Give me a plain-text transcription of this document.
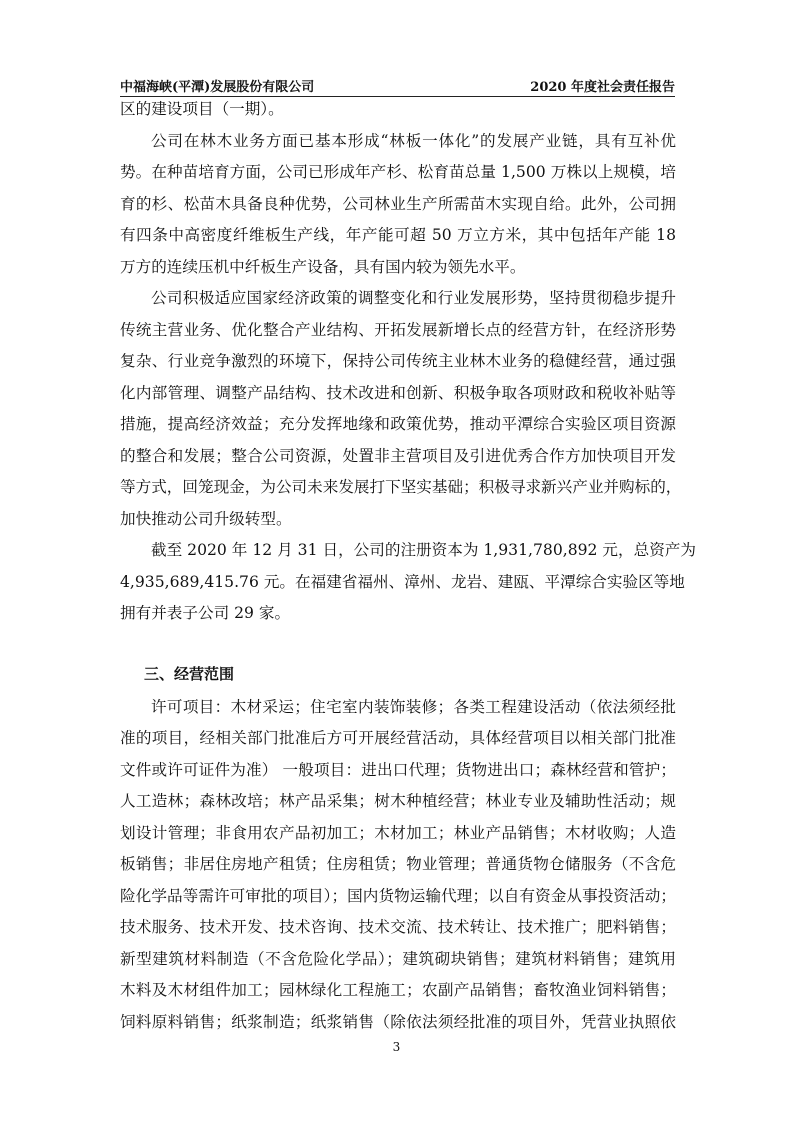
中福海峡(平潭)发展股份有限公司	2020 年度社会责任报告
区的建设项目（一期）。
公司在林木业务方面已基本形成“林板一体化”的发展产业链，具有互补优
势。在种苗培育方面，公司已形成年产杉、松育苗总量 1,500 万株以上规模，培
育的杉、松苗木具备良种优势，公司林业生产所需苗木实现自给。此外，公司拥
有四条中高密度纤维板生产线，年产能可超 50 万立方米，其中包括年产能 18
万方的连续压机中纤板生产设备，具有国内较为领先水平。
公司积极适应国家经济政策的调整变化和行业发展形势，坚持贯彻稳步提升
传统主营业务、优化整合产业结构、开拓发展新增长点的经营方针，在经济形势
复杂、行业竞争激烈的环境下，保持公司传统主业林木业务的稳健经营，通过强
化内部管理、调整产品结构、技术改进和创新、积极争取各项财政和税收补贴等
措施，提高经济效益；充分发挥地缘和政策优势，推动平潭综合实验区项目资源
的整合和发展；整合公司资源，处置非主营项目及引进优秀合作方加快项目开发
等方式，回笼现金，为公司未来发展打下坚实基础；积极寻求新兴产业并购标的，
加快推动公司升级转型。
截至 2020 年 12 月 31 日，公司的注册资本为 1,931,780,892 元，总资产为
4,935,689,415.76 元。在福建省福州、漳州、龙岩、建瓯、平潭综合实验区等地
拥有并表子公司 29 家。
三、经营范围
许可项目：木材采运；住宅室内装饰装修；各类工程建设活动（依法须经批
准的项目，经相关部门批准后方可开展经营活动，具体经营项目以相关部门批准
文件或许可证件为准） 一般项目：进出口代理；货物进出口；森林经营和管护；
人工造林；森林改培；林产品采集；树木种植经营；林业专业及辅助性活动；规
划设计管理；非食用农产品初加工；木材加工；林业产品销售；木材收购；人造
板销售；非居住房地产租赁；住房租赁；物业管理；普通货物仓储服务（不含危
险化学品等需许可审批的项目）；国内货物运输代理；以自有资金从事投资活动；
技术服务、技术开发、技术咨询、技术交流、技术转让、技术推广；肥料销售；
新型建筑材料制造（不含危险化学品）；建筑砌块销售；建筑材料销售；建筑用
木料及木材组件加工；园林绿化工程施工；农副产品销售；畜牧渔业饲料销售；
饲料原料销售；纸浆制造；纸浆销售（除依法须经批准的项目外，凭营业执照依
3
